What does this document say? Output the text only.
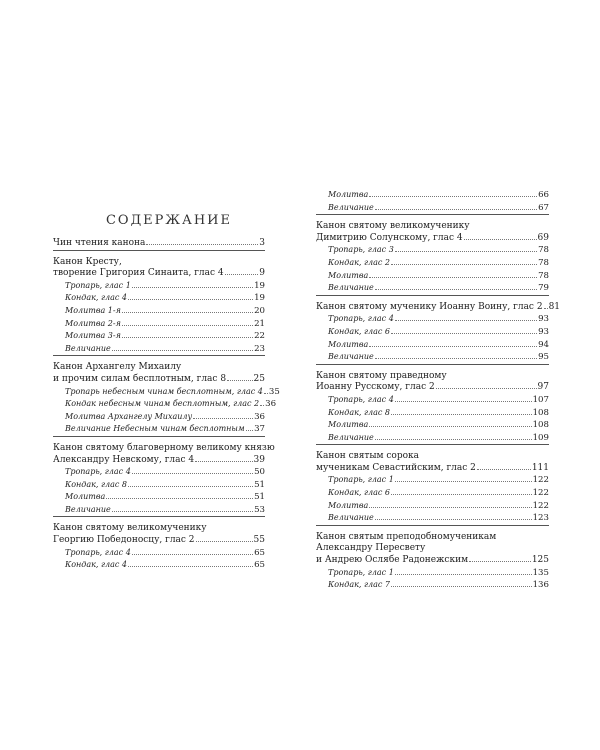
СОДЕРЖАНИЕ
Чин чтения канона	3
Канон Кресту,
творение Григория Синаита, глас 4	9
Тропарь, глас 1	19
Кондак, глас 4	19
Молитва 1-я	20
Молитва 2-я	21
Молитва 3-я	22
Величание	23
Канон Архангелу Михаилу
и прочим силам бесплотным, глас 8	25
Тропарь небесным чинам бесплотным, глас 4 35
Кондак небесным чинам бесплотным, глас 2 36
Молитва Архангелу Михаилу	36
Величание Небесным чинам бесплотным 37
Канон святому благоверному великому князю
Александру Невскому, глас 4	39
Тропарь, глас 4	50
Кондак, глас 8	51
Молитва	51
Величание	53
Канон святому великомученику
Георгию Победоносцу, глас 2	55
Тропарь, глас 4	65
Кондак, глас 4	65
Молитва	66
Величание	67
Канон святому великомученику
Димитрию Солунскому, глас 4	69
Тропарь, глас 3	78
Кондак, глас 2	78
Молитва	78
Величание	79
Канон святому мученику Иоанну Воину, глас 2 81
Тропарь, глас 4	93
Кондак, глас 6	93
Молитва	94
Величание	95
Канон святому праведному
Иоанну Русскому, глас 2	97
Тропарь, глас 4	107
Кондак, глас 8	108
Молитва	108
Величание	109
Канон святым сорока
мученикам Севастийским, глас 2	111
Тропарь, глас 1	122
Кондак, глас 6	122
Молитва	122
Величание	123
Канон святым преподобномученикам
Александру Пересвету
и Андрею Ослябе Радонежским	125
Тропарь, глас 1	135
Кондак, глас 7	136
